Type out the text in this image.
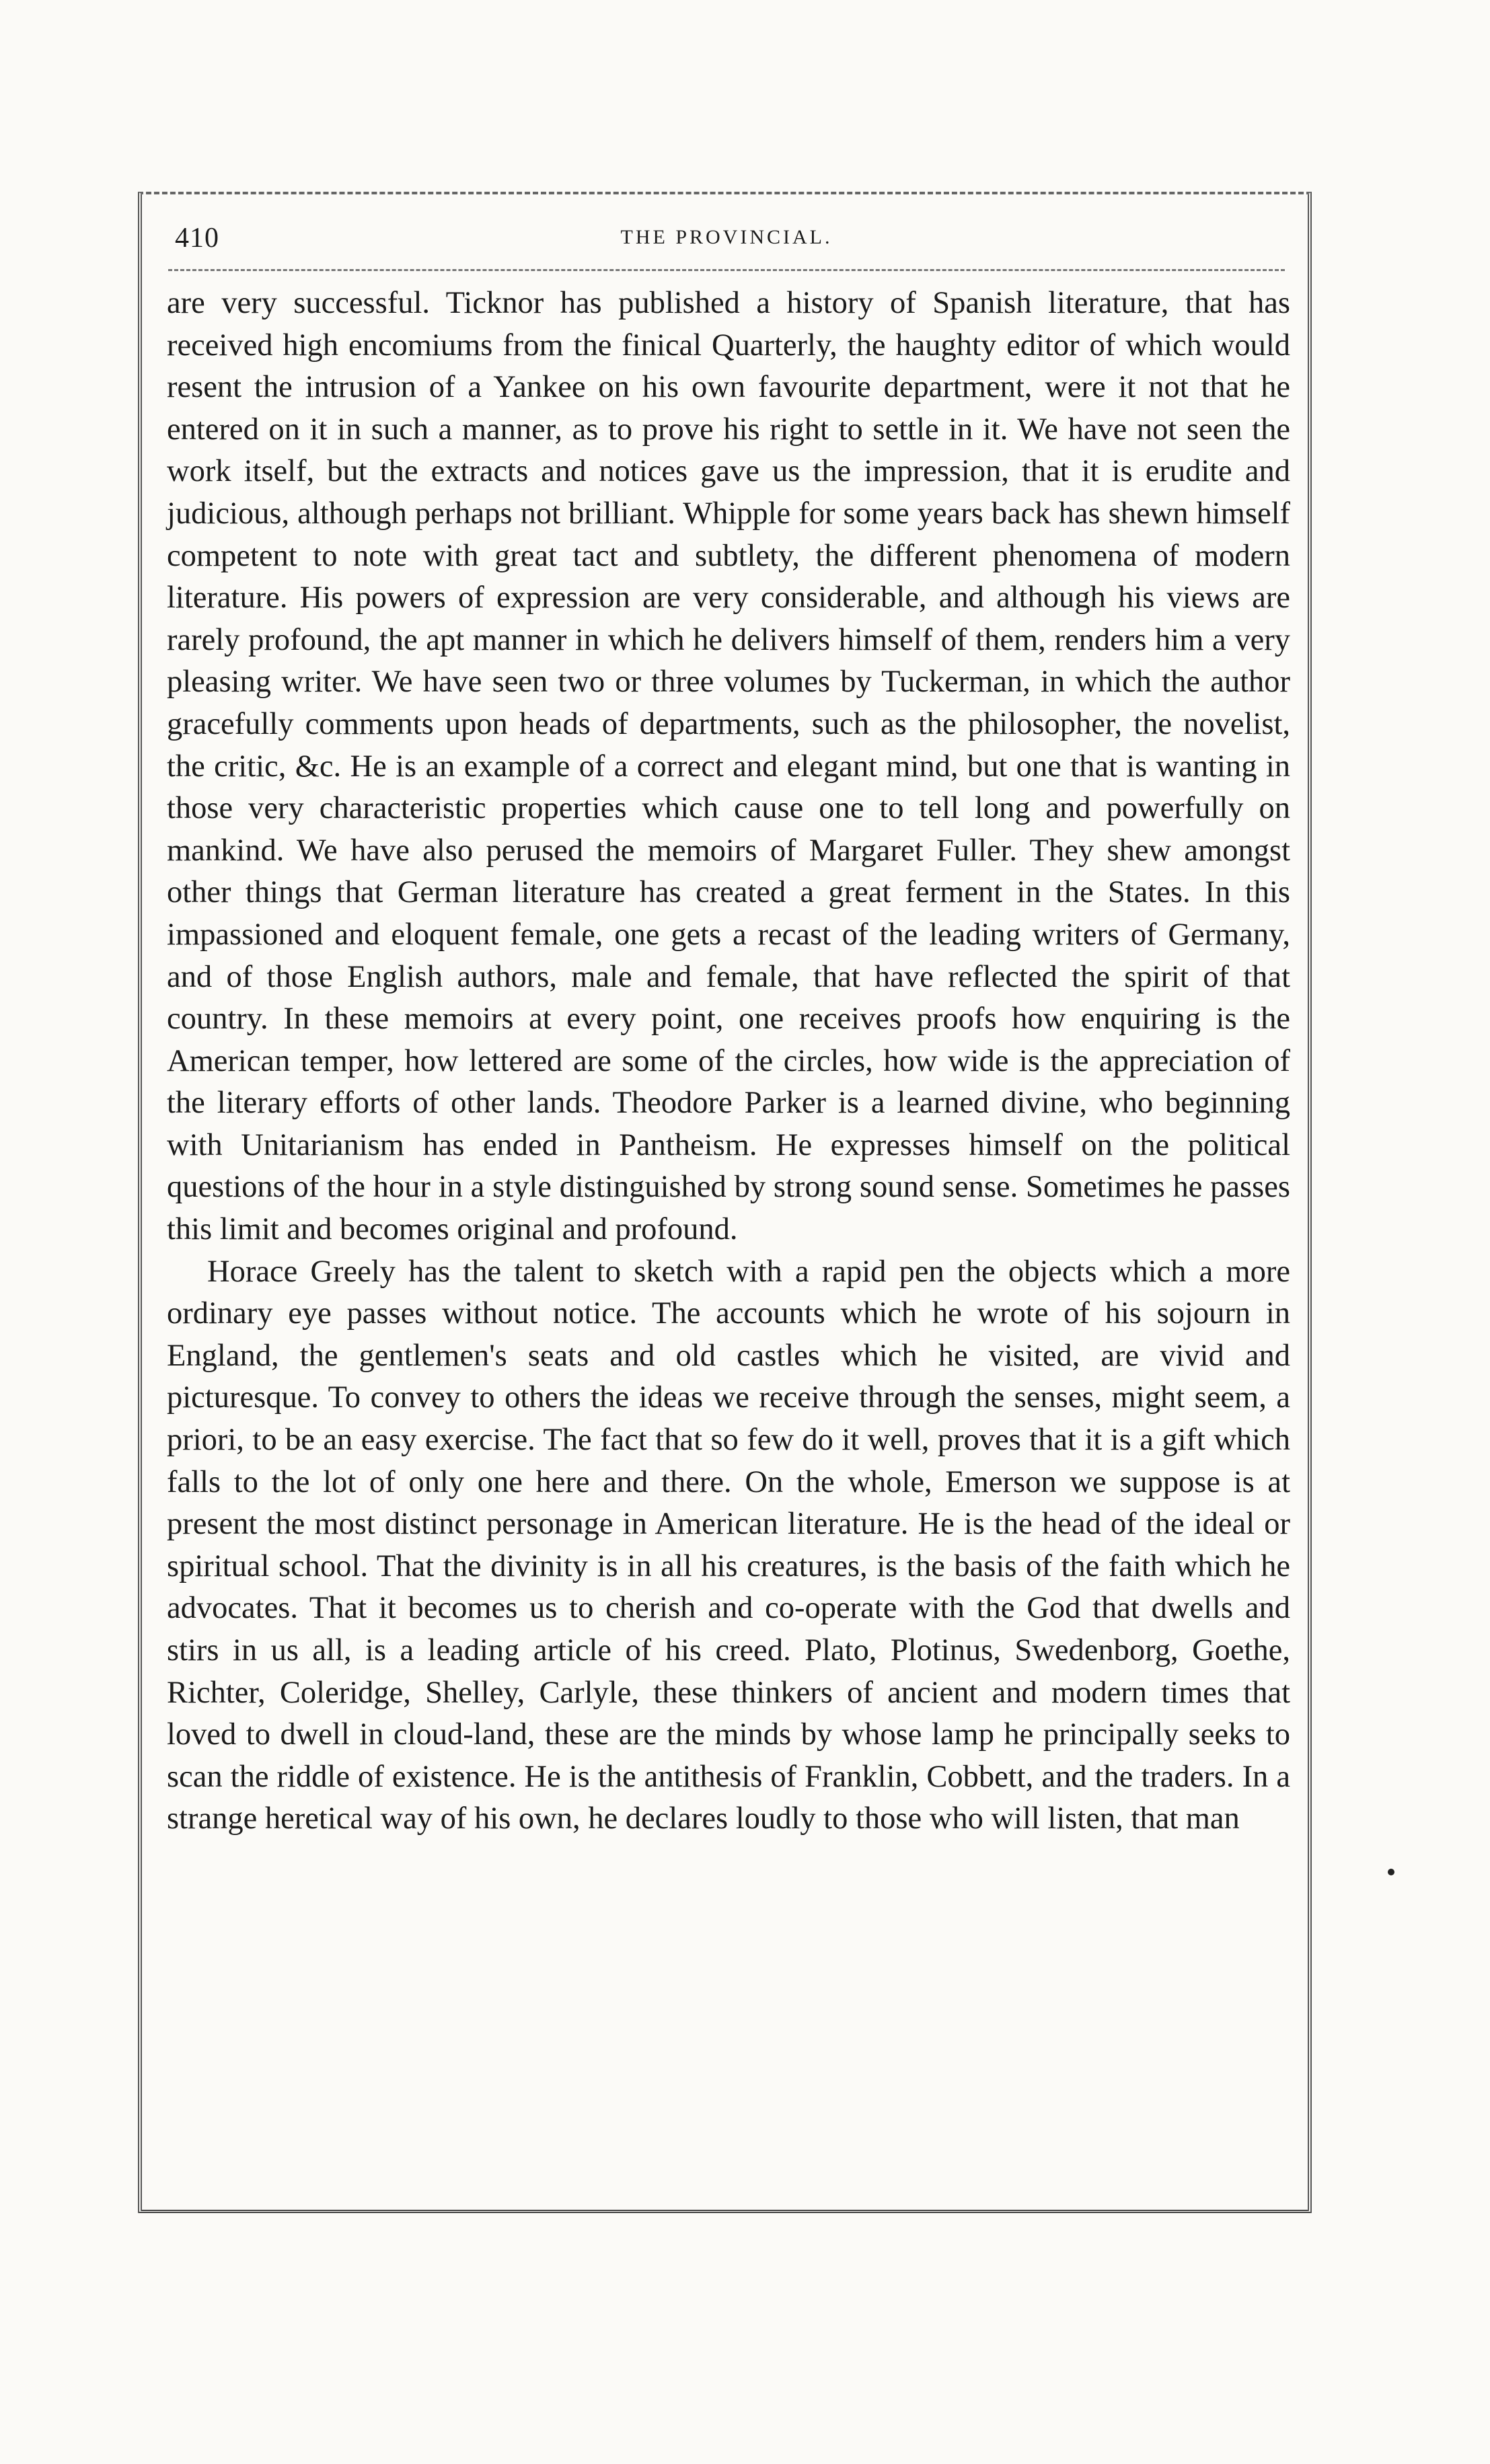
410	THE PROVINCIAL.

are very successful. Ticknor has published a history of Spanish literature, that has received high encomiums from the finical Quarterly, the haughty editor of which would resent the intrusion of a Yankee on his own favourite department, were it not that he entered on it in such a manner, as to prove his right to settle in it. We have not seen the work itself, but the extracts and notices gave us the impression, that it is erudite and judicious, although perhaps not brilliant. Whipple for some years back has shewn himself competent to note with great tact and subtlety, the different phenomena of modern literature. His powers of expression are very considerable, and although his views are rarely profound, the apt manner in which he delivers himself of them, renders him a very pleasing writer. We have seen two or three volumes by Tuckerman, in which the author gracefully comments upon heads of departments, such as the philosopher, the novelist, the critic, &c. He is an example of a correct and elegant mind, but one that is wanting in those very characteristic properties which cause one to tell long and powerfully on mankind. We have also perused the memoirs of Margaret Fuller. They shew amongst other things that German literature has created a great ferment in the States. In this impassioned and eloquent female, one gets a recast of the leading writers of Germany, and of those English authors, male and female, that have reflected the spirit of that country. In these memoirs at every point, one receives proofs how enquiring is the American temper, how lettered are some of the circles, how wide is the appreciation of the literary efforts of other lands. Theodore Parker is a learned divine, who beginning with Unitarianism has ended in Pantheism. He expresses himself on the political questions of the hour in a style distinguished by strong sound sense. Sometimes he passes this limit and becomes original and profound.

Horace Greely has the talent to sketch with a rapid pen the objects which a more ordinary eye passes without notice. The accounts which he wrote of his sojourn in England, the gentlemen's seats and old castles which he visited, are vivid and picturesque. To convey to others the ideas we receive through the senses, might seem, a priori, to be an easy exercise. The fact that so few do it well, proves that it is a gift which falls to the lot of only one here and there. On the whole, Emerson we suppose is at present the most distinct personage in American literature. He is the head of the ideal or spiritual school. That the divinity is in all his creatures, is the basis of the faith which he advocates. That it becomes us to cherish and co-operate with the God that dwells and stirs in us all, is a leading article of his creed. Plato, Plotinus, Swedenborg, Goethe, Richter, Coleridge, Shelley, Carlyle, these thinkers of ancient and modern times that loved to dwell in cloud-land, these are the minds by whose lamp he principally seeks to scan the riddle of existence. He is the antithesis of Franklin, Cobbett, and the traders. In a strange heretical way of his own, he declares loudly to those who will listen, that man
